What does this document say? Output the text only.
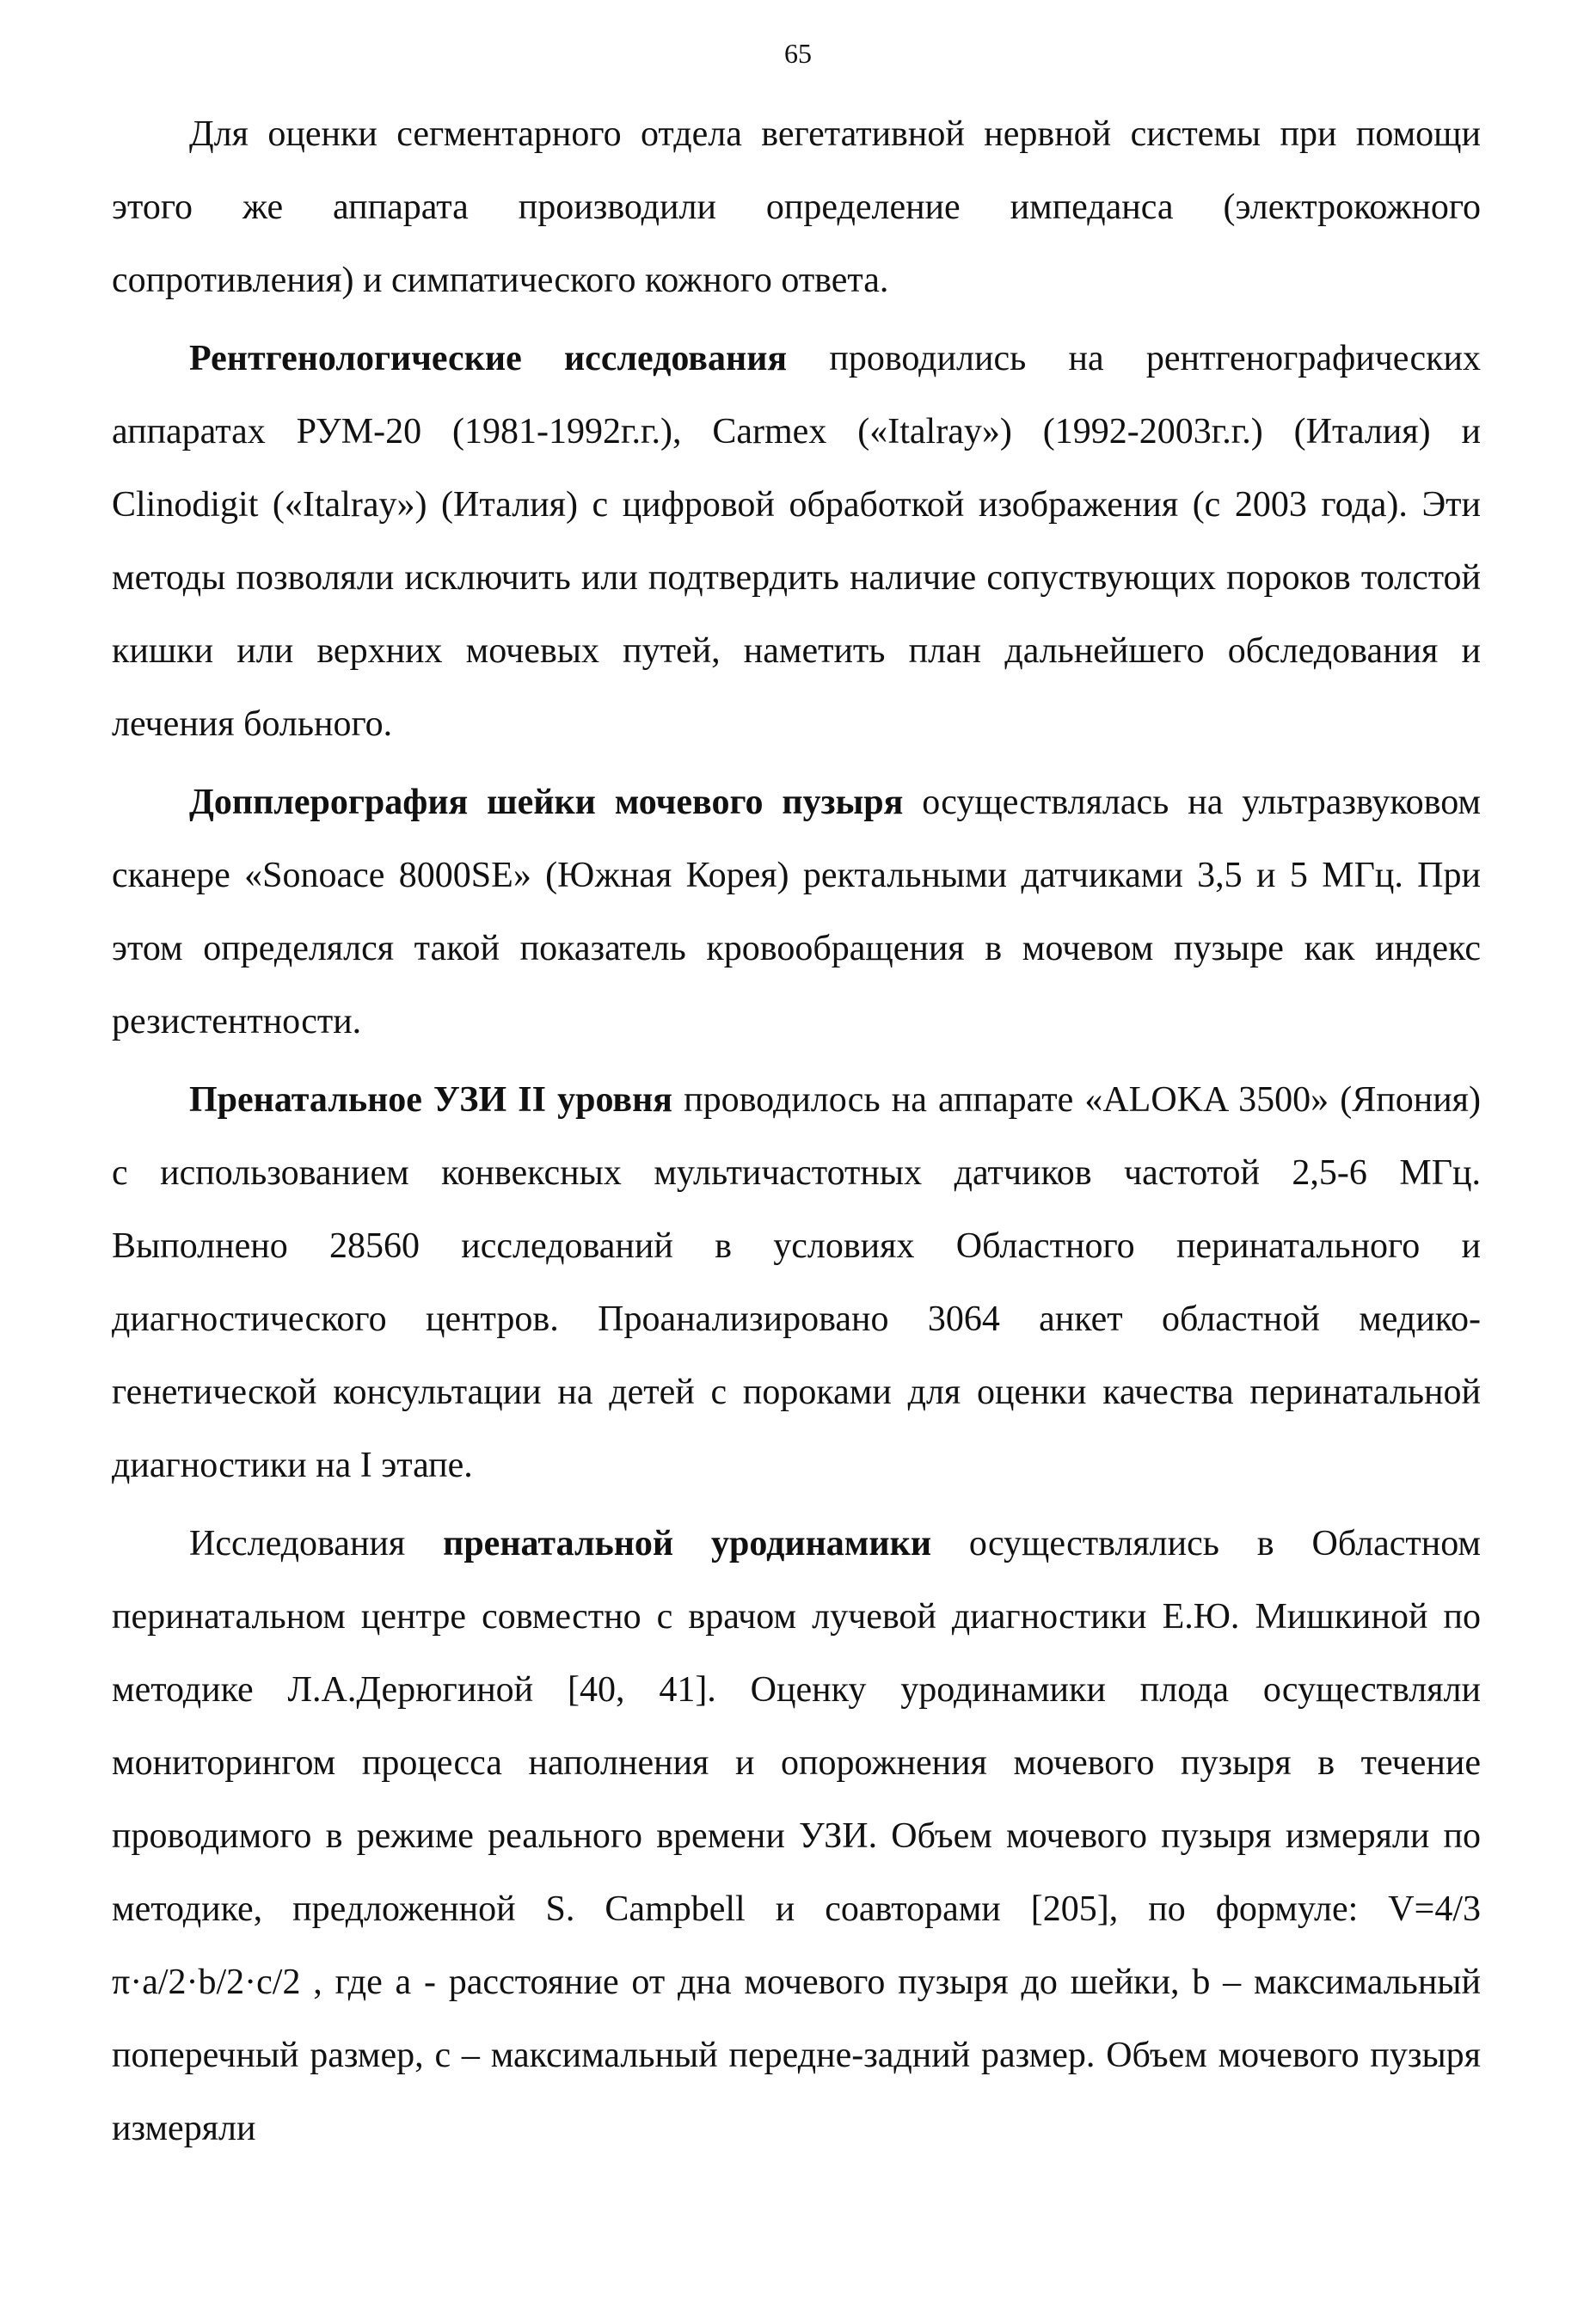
65

Для оценки сегментарного отдела вегетативной нервной системы при помощи этого же аппарата производили определение импеданса (электрокожного сопротивления) и симпатического кожного ответа.

Рентгенологические исследования проводились на рентгенографических аппаратах РУМ-20 (1981-1992г.г.), Carmex («Italray») (1992-2003г.г.) (Италия) и Clinodigit («Italray») (Италия) с цифровой обработкой изображения (с 2003 года). Эти методы позволяли исключить или подтвердить наличие сопуствующих пороков толстой кишки или верхних мочевых путей, наметить план дальнейшего обследования и лечения больного.

Допплерография шейки мочевого пузыря осуществлялась на ультразвуковом сканере «Sonoace 8000SE» (Южная Корея) ректальными датчиками 3,5 и 5 МГц. При этом определялся такой показатель кровообращения в мочевом пузыре как индекс резистентности.

Пренатальное УЗИ II уровня проводилось на аппарате «ALOKA 3500» (Япония) с использованием конвексных мультичастотных датчиков частотой 2,5-6 МГц. Выполнено 28560 исследований в условиях Областного перинатального и диагностического центров. Проанализировано 3064 анкет областной медико-генетической консультации на детей с пороками для оценки качества перинатальной диагностики на I этапе.

Исследования пренатальной уродинамики осуществлялись в Областном перинатальном центре совместно с врачом лучевой диагностики Е.Ю. Мишкиной по методике Л.А.Дерюгиной [40, 41]. Оценку уродинамики плода осуществляли мониторингом процесса наполнения и опорожнения мочевого пузыря в течение проводимого в режиме реального времени УЗИ. Объем мочевого пузыря измеряли по методике, предложенной S. Campbell и соавторами [205], по формуле: V=4/3 π·a/2·b/2·c/2 , где а - расстояние от дна мочевого пузыря до шейки, b – максимальный поперечный размер, с – максимальный передне-задний размер. Объем мочевого пузыря измеряли
